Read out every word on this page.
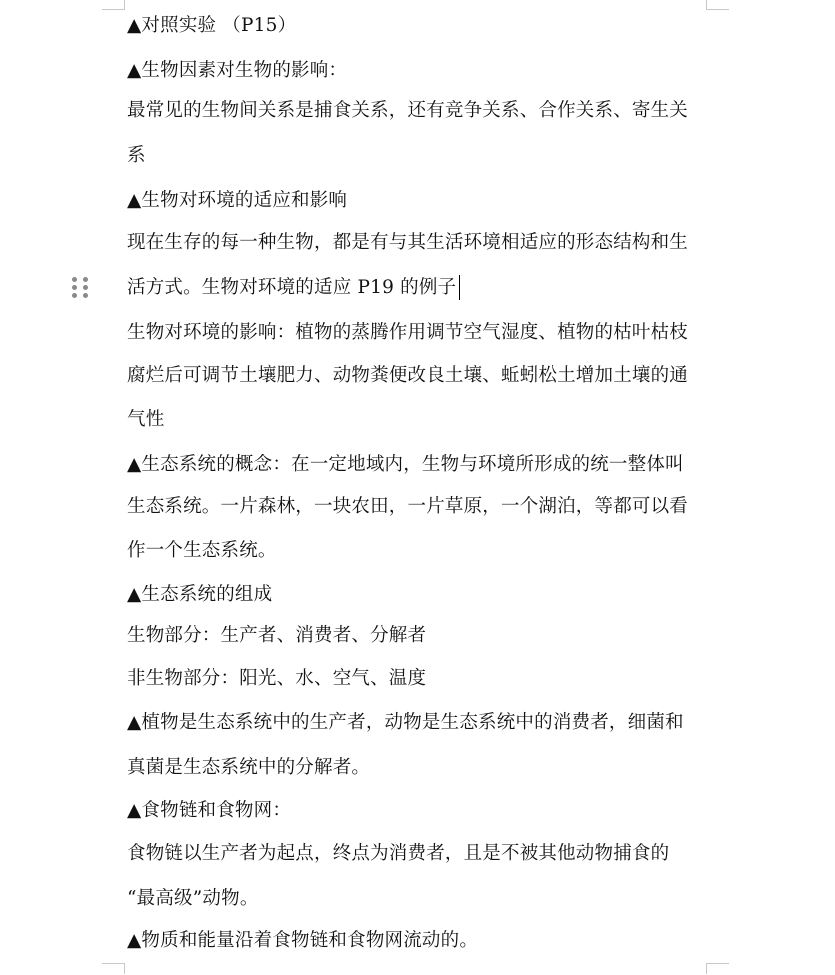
▲对照实验 （P15）
▲生物因素对生物的影响：
最常见的生物间关系是捕食关系，还有竞争关系、合作关系、寄生关
系
▲生物对环境的适应和影响
现在生存的每一种生物，都是有与其生活环境相适应的形态结构和生
活方式。生物对环境的适应 P19 的例子
生物对环境的影响：植物的蒸腾作用调节空气湿度、植物的枯叶枯枝
腐烂后可调节土壤肥力、动物粪便改良土壤、蚯蚓松土增加土壤的通
气性
▲生态系统的概念：在一定地域内，生物与环境所形成的统一整体叫
生态系统。一片森林，一块农田，一片草原，一个湖泊，等都可以看
作一个生态系统。
▲生态系统的组成
生物部分：生产者、消费者、分解者
非生物部分：阳光、水、空气、温度
▲植物是生态系统中的生产者，动物是生态系统中的消费者，细菌和
真菌是生态系统中的分解者。
▲食物链和食物网：
食物链以生产者为起点，终点为消费者，且是不被其他动物捕食的
“最高级”动物。
▲物质和能量沿着食物链和食物网流动的。
